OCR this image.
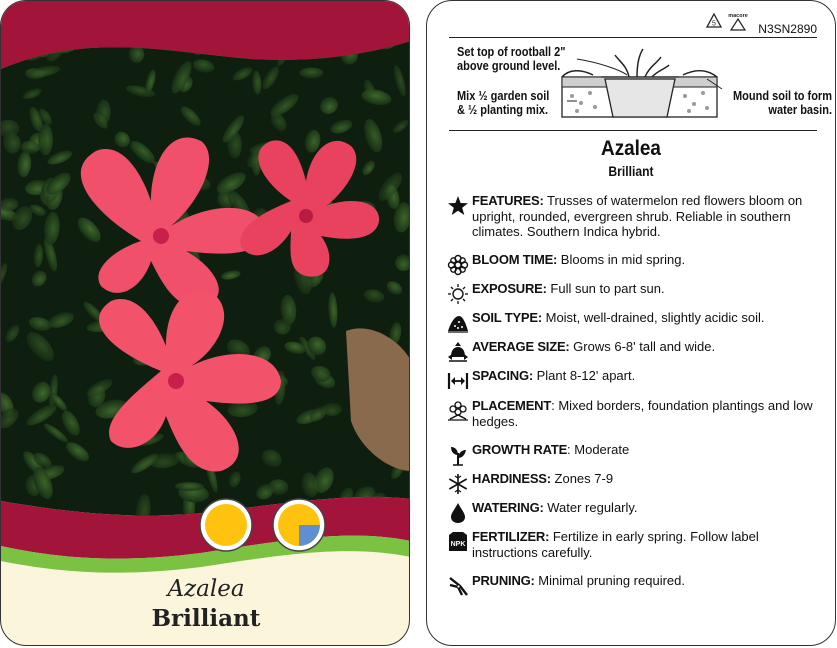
Azalea
Brilliant
5
macore
N3SN2890
Set top of rootball 2"
above ground level.
Mix ½ garden soil
& ½ planting mix.
Mound soil to form
water basin.
Azalea
Brilliant
FEATURES: Trusses of watermelon red flowers bloom on upright, rounded, evergreen shrub. Reliable in southern climates. Southern Indica hybrid.
BLOOM TIME: Blooms in mid spring.
EXPOSURE: Full sun to part sun.
SOIL TYPE: Moist, well-drained, slightly acidic soil.
AVERAGE SIZE: Grows 6-8' tall and wide.
SPACING: Plant 8-12' apart.
PLACEMENT: Mixed borders, foundation plantings and low hedges.
GROWTH RATE: Moderate
HARDINESS: Zones 7-9
WATERING: Water regularly.
NPK
FERTILIZER: Fertilize in early spring. Follow label instructions carefully.
PRUNING: Minimal pruning required.
